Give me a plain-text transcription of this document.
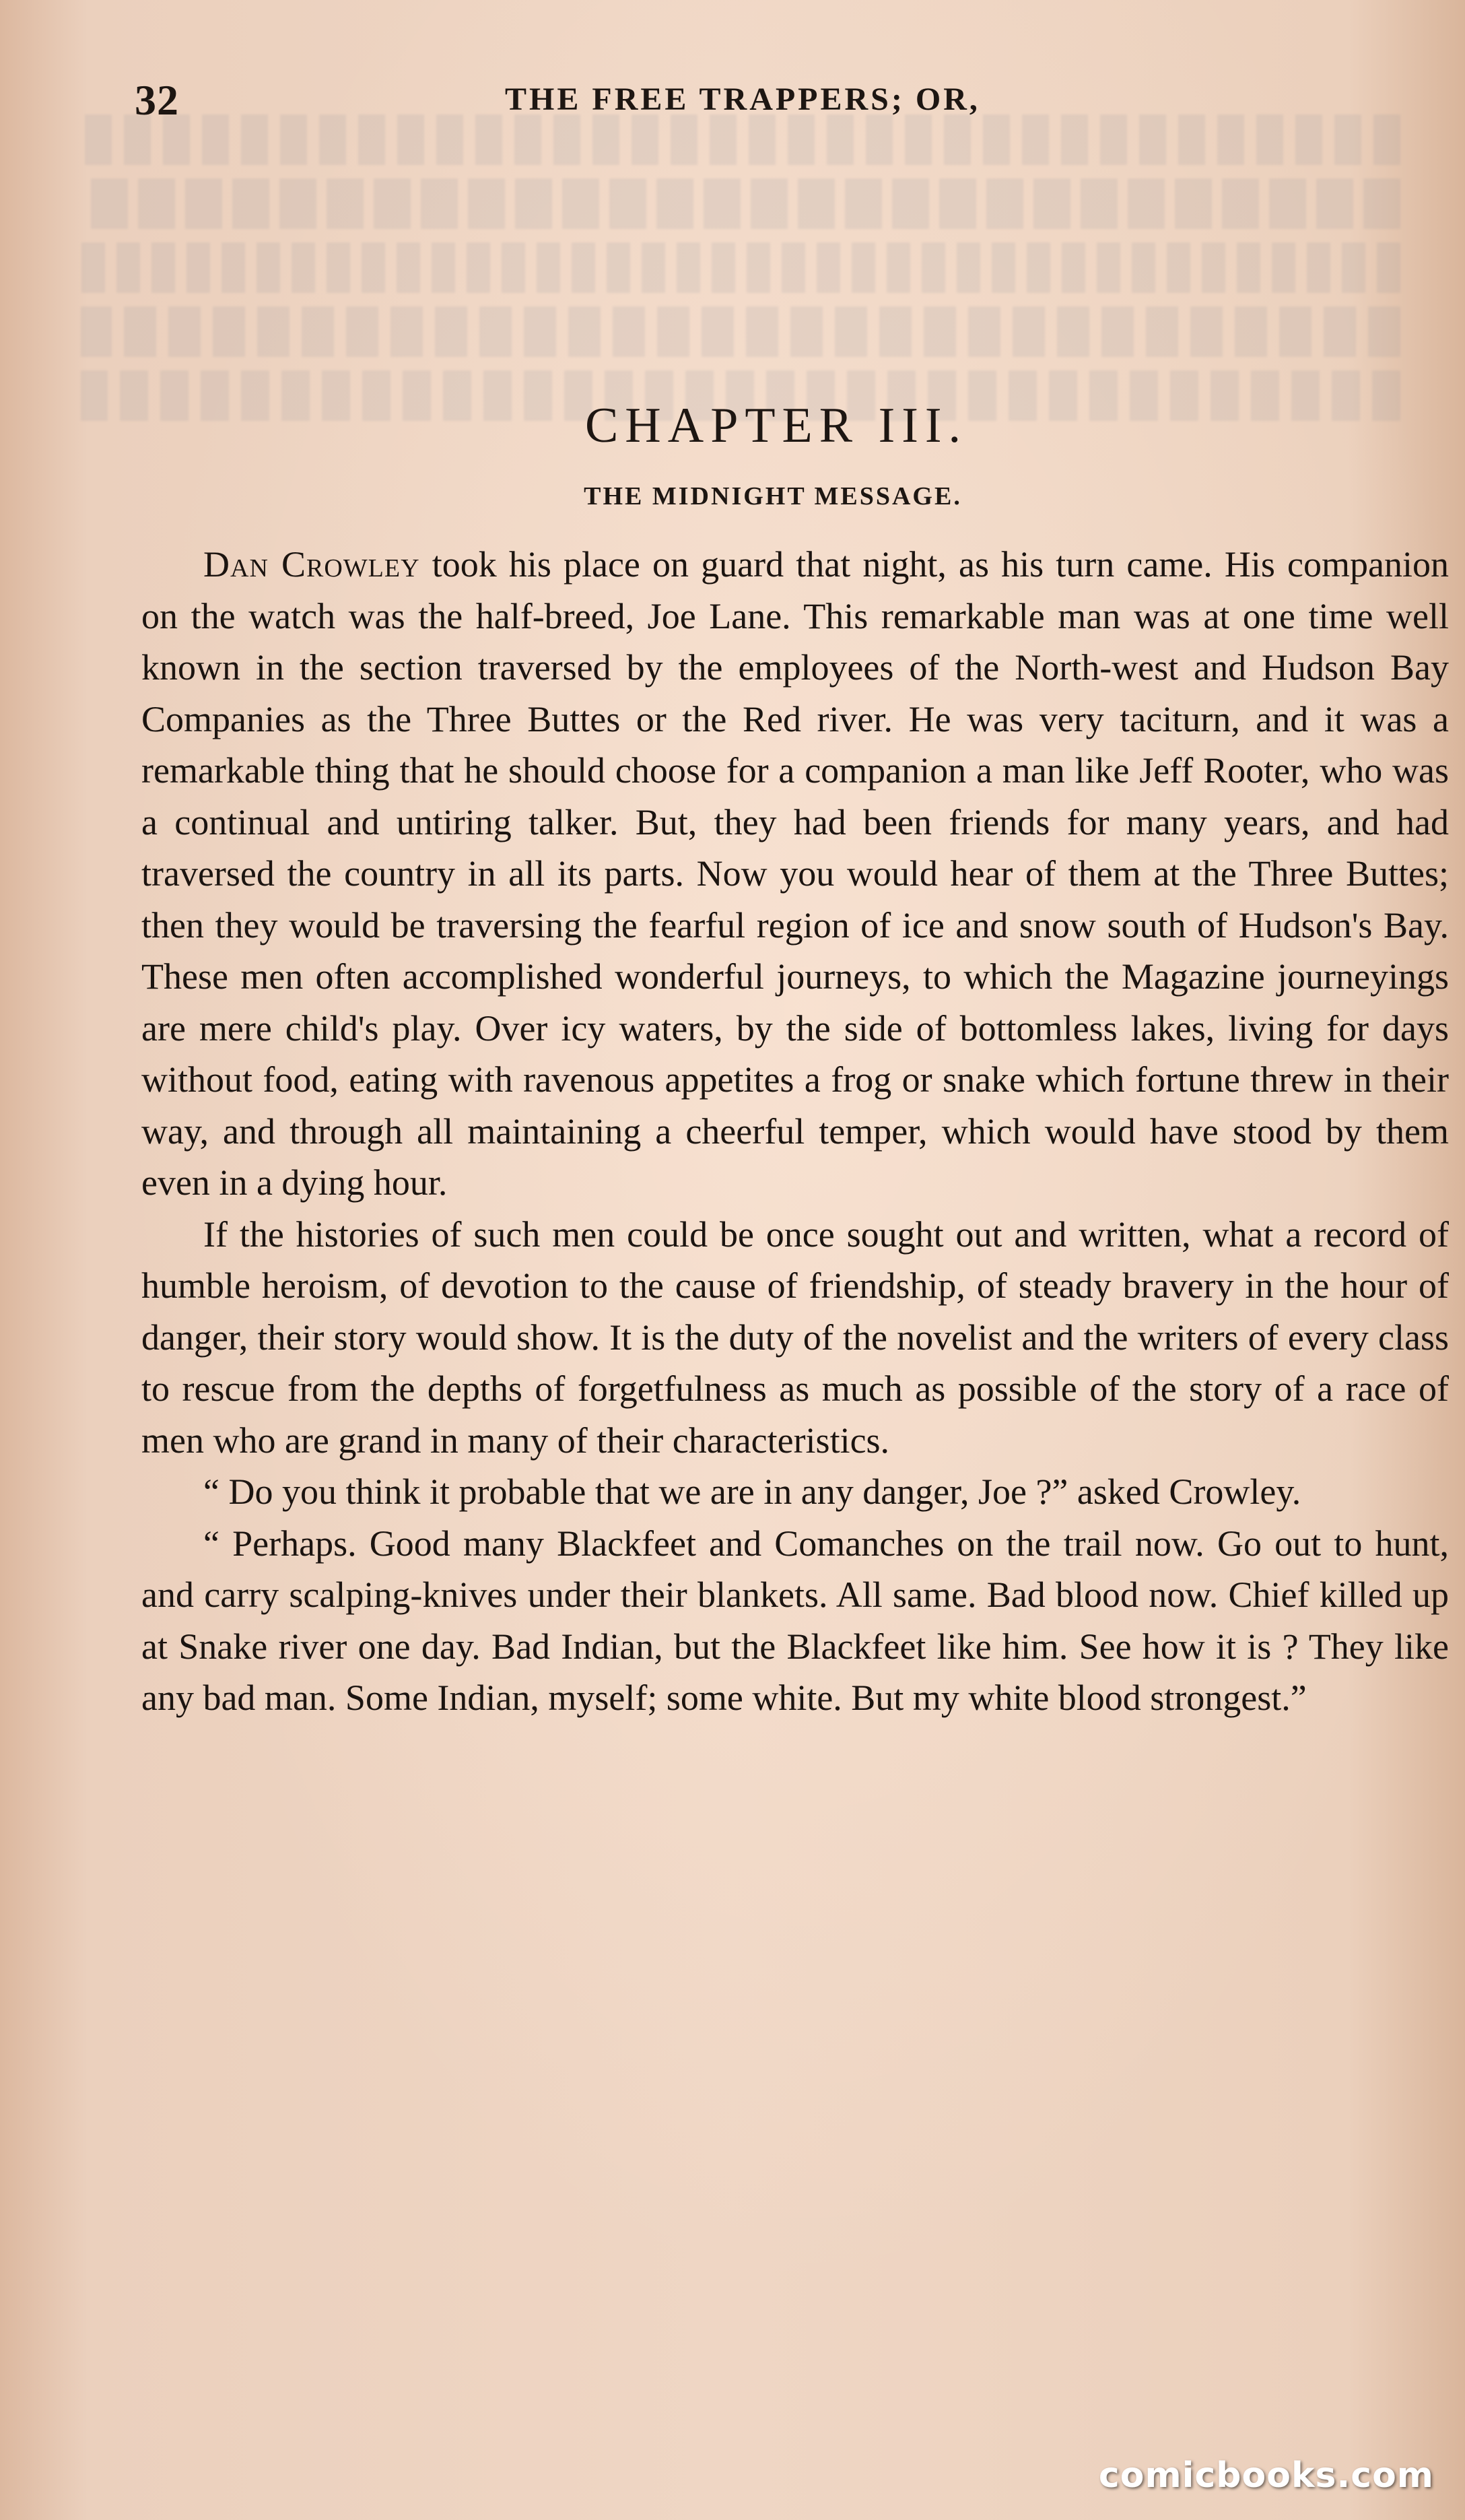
32	THE FREE TRAPPERS; OR,
CHAPTER III.
THE MIDNIGHT MESSAGE.

Dan Crowley took his place on guard that night, as his turn came. His companion on the watch was the half-breed, Joe Lane. This remarkable man was at one time well known in the section traversed by the employees of the North-west and Hudson Bay Companies as the Three Buttes or the Red river. He was very taciturn, and it was a remarkable thing that he should choose for a companion a man like Jeff Rooter, who was a continual and untiring talker. But, they had been friends for many years, and had traversed the country in all its parts. Now you would hear of them at the Three Buttes; then they would be traversing the fearful region of ice and snow south of Hudson's Bay. These men often accomplished wonderful journeys, to which the Magazine journeyings are mere child's play. Over icy waters, by the side of bottomless lakes, living for days without food, eating with ravenous appetites a frog or snake which fortune threw in their way, and through all maintaining a cheerful temper, which would have stood by them even in a dying hour.

If the histories of such men could be once sought out and written, what a record of humble heroism, of devotion to the cause of friendship, of steady bravery in the hour of danger, their story would show. It is the duty of the novelist and the writers of every class to rescue from the depths of forgetfulness as much as possible of the story of a race of men who are grand in many of their characteristics.

“ Do you think it probable that we are in any danger, Joe ?” asked Crowley.

“ Perhaps. Good many Blackfeet and Comanches on the trail now. Go out to hunt, and carry scalping-knives under their blankets. All same. Bad blood now. Chief killed up at Snake river one day. Bad Indian, but the Blackfeet like him. See how it is ? They like any bad man. Some Indian, myself; some white. But my white blood strongest.”

comicbooks.com
